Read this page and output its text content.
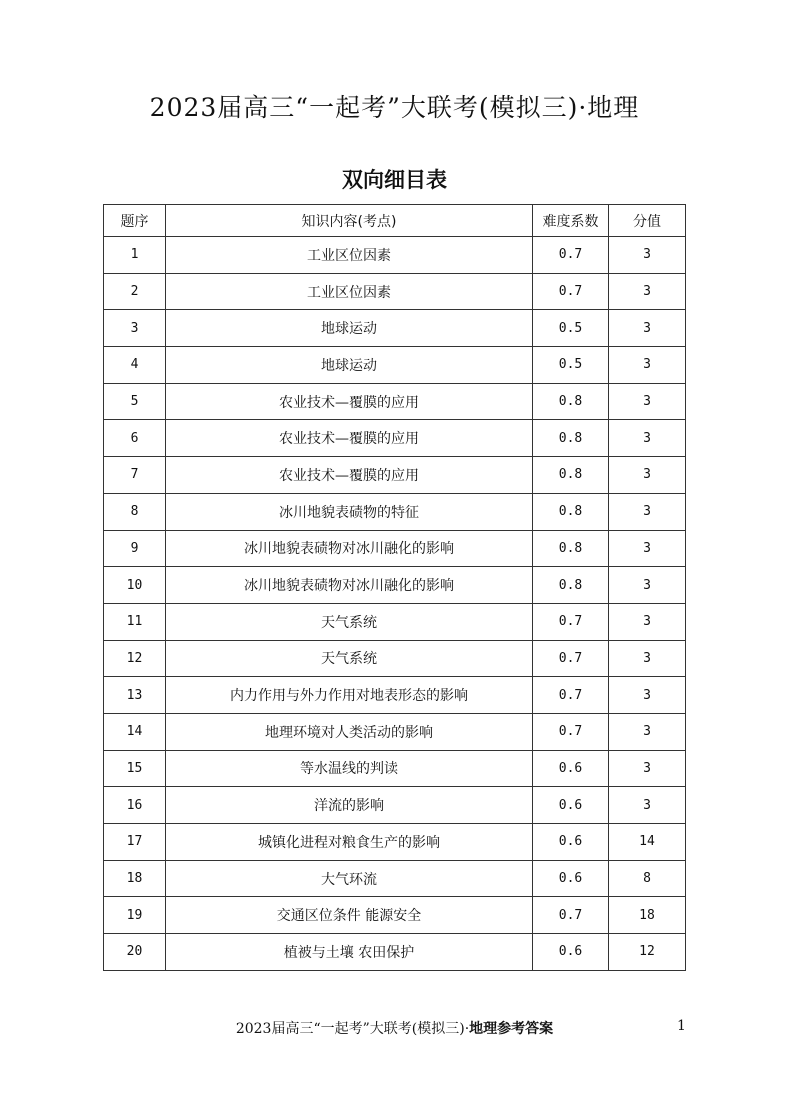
2023届高三“一起考”大联考(模拟三)·地理
双向细目表
题序	知识内容(考点)	难度系数	分值
1	工业区位因素	0.7	3
2	工业区位因素	0.7	3
3	地球运动	0.5	3
4	地球运动	0.5	3
5	农业技术—覆膜的应用	0.8	3
6	农业技术—覆膜的应用	0.8	3
7	农业技术—覆膜的应用	0.8	3
8	冰川地貌表碛物的特征	0.8	3
9	冰川地貌表碛物对冰川融化的影响	0.8	3
10	冰川地貌表碛物对冰川融化的影响	0.8	3
11	天气系统	0.7	3
12	天气系统	0.7	3
13	内力作用与外力作用对地表形态的影响	0.7	3
14	地理环境对人类活动的影响	0.7	3
15	等水温线的判读	0.6	3
16	洋流的影响	0.6	3
17	城镇化进程对粮食生产的影响	0.6	14
18	大气环流	0.6	8
19	交通区位条件 能源安全	0.7	18
20	植被与土壤 农田保护	0.6	12
2023届高三“一起考”大联考(模拟三)·地理参考答案	1
